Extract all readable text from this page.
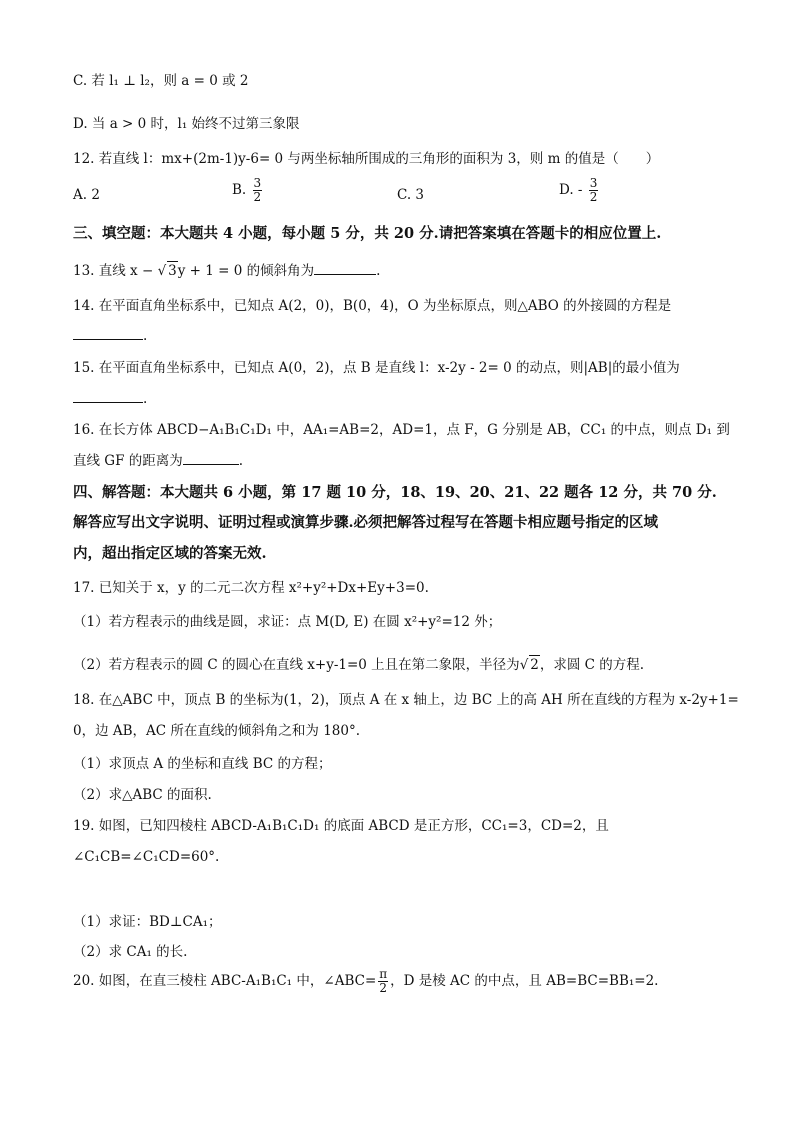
C. 若 l₁ ⊥ l₂，则 a = 0 或 2
D. 当 a > 0 时，l₁ 始终不过第三象限
12. 若直线 l：mx+(2m-1)y-6= 0 与两坐标轴所围成的三角形的面积为 3，则 m 的值是（　　）
A. 2	B. $\frac{3}{2}$	C. 3	D. - $\frac{3}{2}$
三、填空题：本大题共 4 小题，每小题 5 分，共 20 分.请把答案填在答题卡的相应位置上.
13. 直线 x − √ 3y + 1 = 0 的倾斜角为	.
14. 在平面直角坐标系中，已知点 A(2，0)，B(0，4)，O 为坐标原点，则△ABO 的外接圆的方程是
.
15. 在平面直角坐标系中，已知点 A(0，2)，点 B 是直线 l：x-2y - 2= 0 的动点，则|AB|的最小值为
.
16. 在长方体 ABCD−A₁B₁C₁D₁ 中，AA₁=AB=2，AD=1，点 F，G 分别是 AB，CC₁ 的中点，则点 D₁ 到
直线 GF 的距离为	.
四、解答题：本大题共 6 小题，第 17 题 10 分，18、19、20、21、22 题各 12 分，共 70 分.
解答应写出文字说明、证明过程或演算步骤.必须把解答过程写在答题卡相应题号指定的区域
内，超出指定区域的答案无效.
17. 已知关于 x，y 的二元二次方程 x²+y²+Dx+Ey+3=0.
（1）若方程表示的曲线是圆，求证：点 M(D, E) 在圆 x²+y²=12 外；
（2）若方程表示的圆 C 的圆心在直线 x+y-1=0 上且在第二象限，半径为√ 2，求圆 C 的方程.
18. 在△ABC 中，顶点 B 的坐标为(1，2)，顶点 A 在 x 轴上，边 BC 上的高 AH 所在直线的方程为 x-2y+1=
0，边 AB，AC 所在直线的倾斜角之和为 180°.
（1）求顶点 A 的坐标和直线 BC 的方程；
（2）求△ABC 的面积.
19. 如图，已知四棱柱 ABCD-A₁B₁C₁D₁ 的底面 ABCD 是正方形，CC₁=3，CD=2，且
∠C₁CB=∠C₁CD=60°.
（1）求证：BD⊥CA₁；
（2）求 CA₁ 的长.
20. 如图，在直三棱柱 ABC-A₁B₁C₁ 中，∠ABC= $\frac{\pi}{2}$ ，D 是棱 AC 的中点，且 AB=BC=BB₁=2.
